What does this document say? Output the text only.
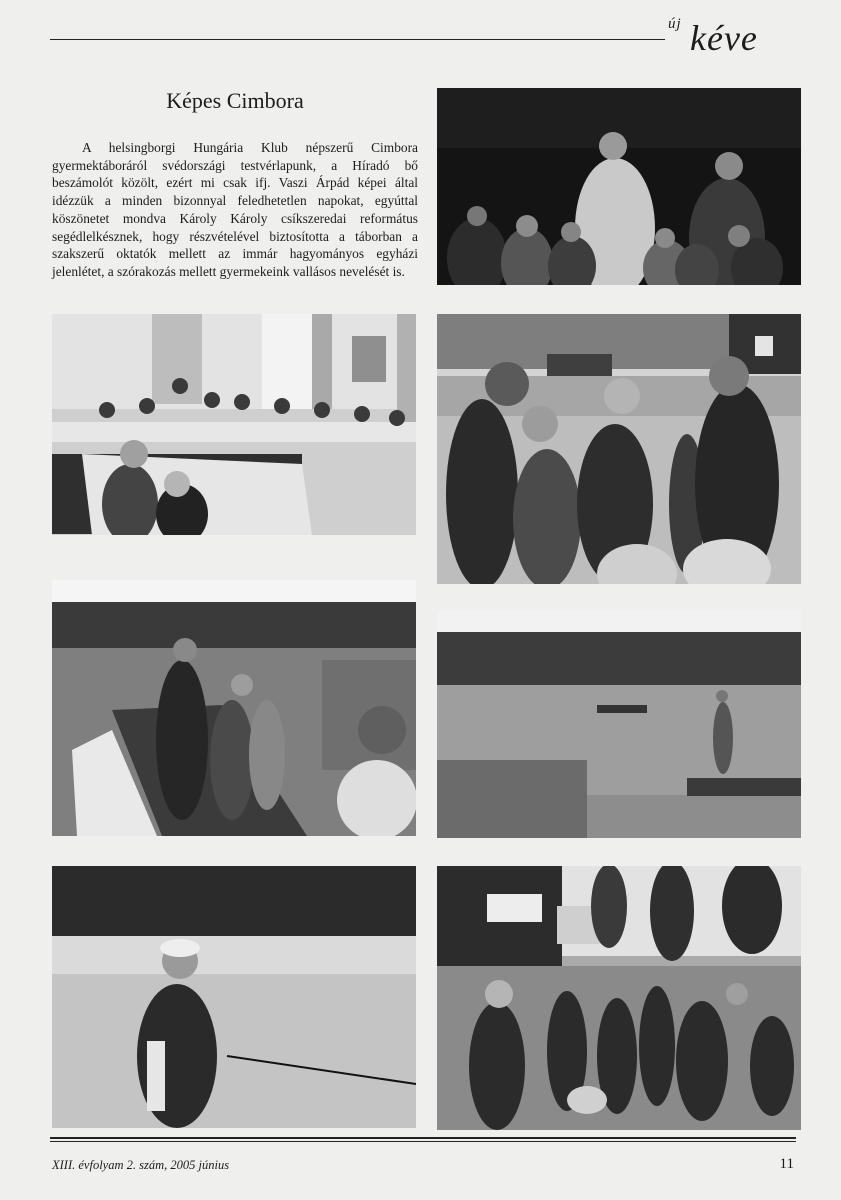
új kéve
Képes Cimbora

A helsingborgi Hungária Klub népszerű Cimbora gyermektáboráról svédországi testvérlapunk, a Híradó bő beszámolót közölt, ezért mi csak ifj. Vaszi Árpád képei által idézzük a minden bizonnyal feledhetetlen napokat, egyúttal köszönetet mondva Károly Károly csíkszeredai református segédlelkésznek, hogy részvételével biztosította a táborban a szakszerű oktatók mellett az immár hagyományos egyházi jelenlétet, a szórakozás mellett gyermekeink vallásos nevelését is.

XIII. évfolyam 2. szám, 2005 június	11
